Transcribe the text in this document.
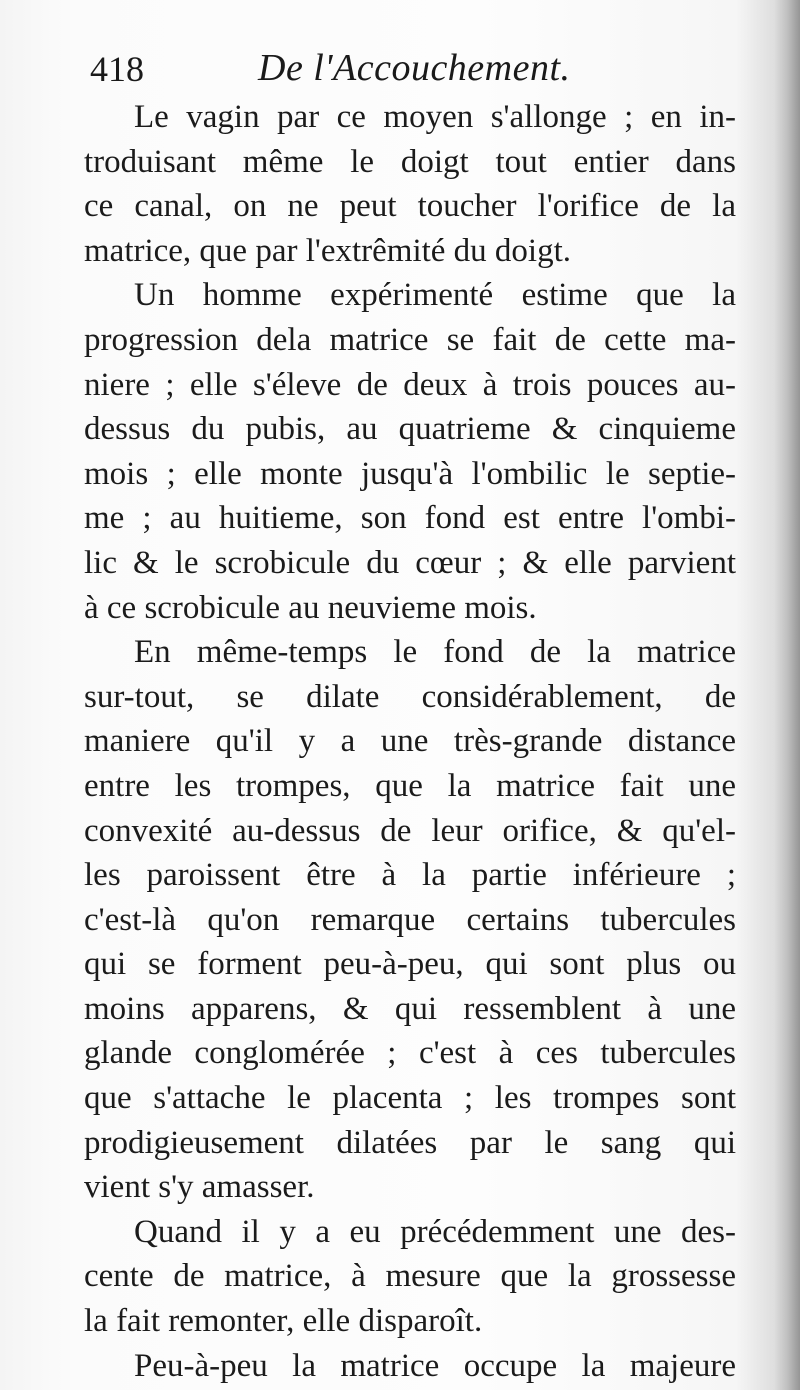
418	De l'Accouchement.
Le vagin par ce moyen s'allonge ; en in-
troduisant même le doigt tout entier dans
ce canal, on ne peut toucher l'orifice de la
matrice, que par l'extrêmité du doigt.
Un homme expérimenté estime que la
progression dela matrice se fait de cette ma-
niere ; elle s'éleve de deux à trois pouces au-
dessus du pubis, au quatrieme & cinquieme
mois ; elle monte jusqu'à l'ombilic le septie-
me ; au huitieme, son fond est entre l'ombi-
lic & le scrobicule du cœur ; & elle parvient
à ce scrobicule au neuvieme mois.
En même-temps le fond de la matrice
sur-tout, se dilate considérablement, de
maniere qu'il y a une très-grande distance
entre les trompes, que la matrice fait une
convexité au-dessus de leur orifice, & qu'el-
les paroissent être à la partie inférieure ;
c'est-là qu'on remarque certains tubercules
qui se forment peu-à-peu, qui sont plus ou
moins apparens, & qui ressemblent à une
glande conglomérée ; c'est à ces tubercules
que s'attache le placenta ; les trompes sont
prodigieusement dilatées par le sang qui
vient s'y amasser.
Quand il y a eu précédemment une des-
cente de matrice, à mesure que la grossesse
la fait remonter, elle disparoît.
Peu-à-peu la matrice occupe la majeure
